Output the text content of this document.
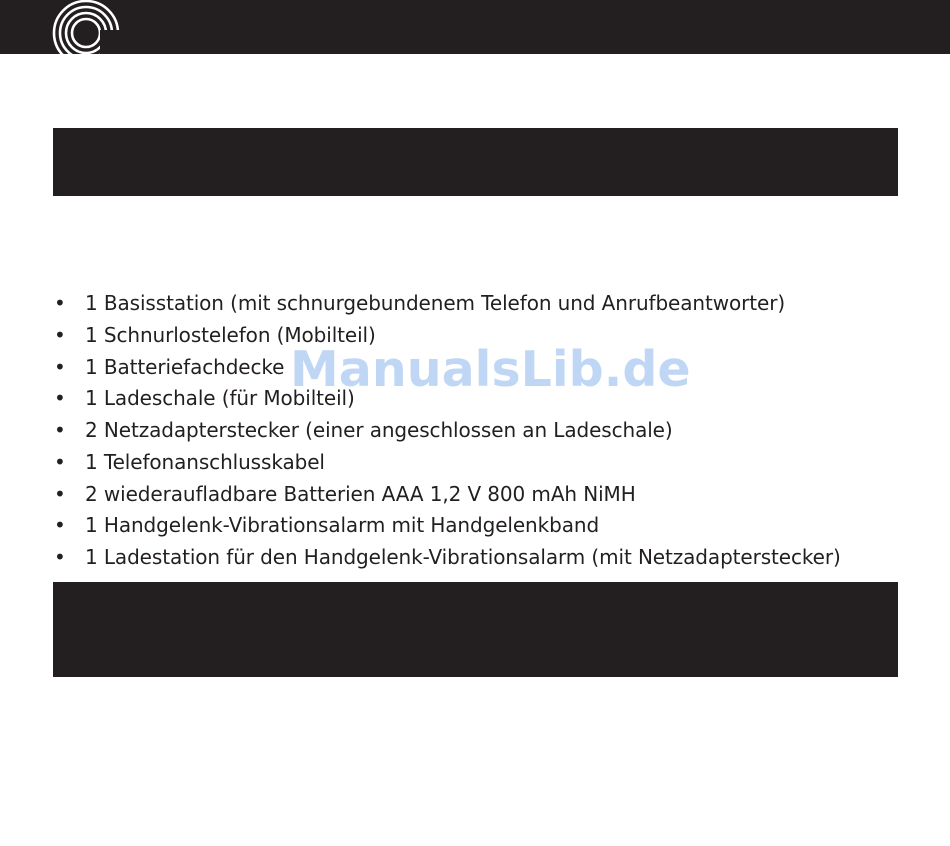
• 1 Basisstation (mit schnurgebundenem Telefon und Anrufbeantworter)
• 1 Schnurlostelefon (Mobilteil)
• 1 Batteriefachdecke
• 1 Ladeschale (für Mobilteil)
• 2 Netzadapterstecker (einer angeschlossen an Ladeschale)
• 1 Telefonanschlusskabel
• 2 wiederaufladbare Batterien AAA 1,2 V 800 mAh NiMH
• 1 Handgelenk-Vibrationsalarm mit Handgelenkband
• 1 Ladestation für den Handgelenk-Vibrationsalarm (mit Netzadapterstecker)
ManualsLib.de
